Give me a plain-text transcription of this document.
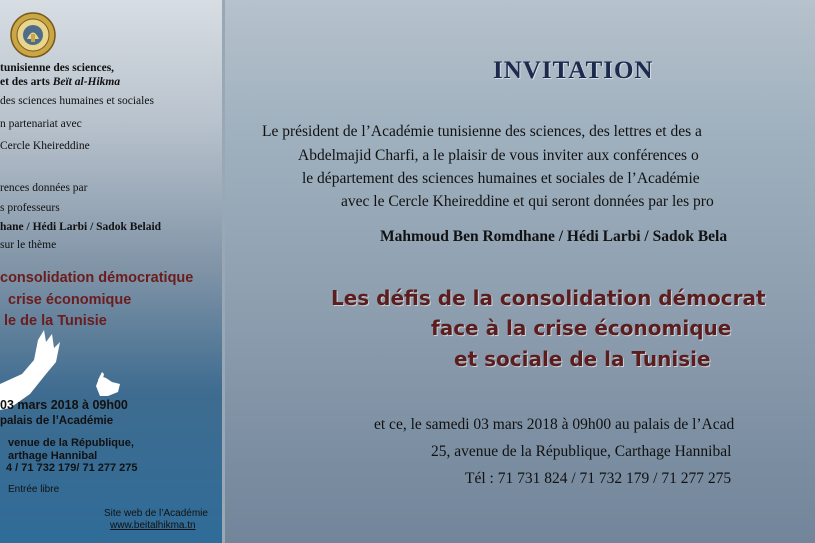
tunisienne des sciences,
et des arts Beït al-Hikma
des sciences humaines et sociales
n partenariat avec
Cercle Kheireddine
rences données par
s professeurs
hane / Hédi Larbi / Sadok Belaid
sur le thème
consolidation démocratique
crise économique
le de la Tunisie
03 mars 2018 à 09h00
palais de l’Académie
venue de la République,
arthage Hannibal
4 / 71 732 179/ 71 277 275
Entrée libre
Site web de l’Académie
www.beitalhikma.tn
INVITATION
Le président de l’Académie tunisienne des sciences, des lettres et des a
Abdelmajid Charfi, a le plaisir de vous inviter aux conférences o
le département des sciences humaines et sociales de l’Académie
avec le Cercle Kheireddine et qui seront données par les pro
Mahmoud Ben Romdhane / Hédi Larbi / Sadok Bela
Les défis de la consolidation démocrat
face à la crise économique
et sociale de la Tunisie
et ce, le samedi 03 mars 2018 à 09h00 au palais de l’Acad
25, avenue de la République, Carthage Hannibal
Tél : 71 731 824 / 71 732 179 / 71 277 275
